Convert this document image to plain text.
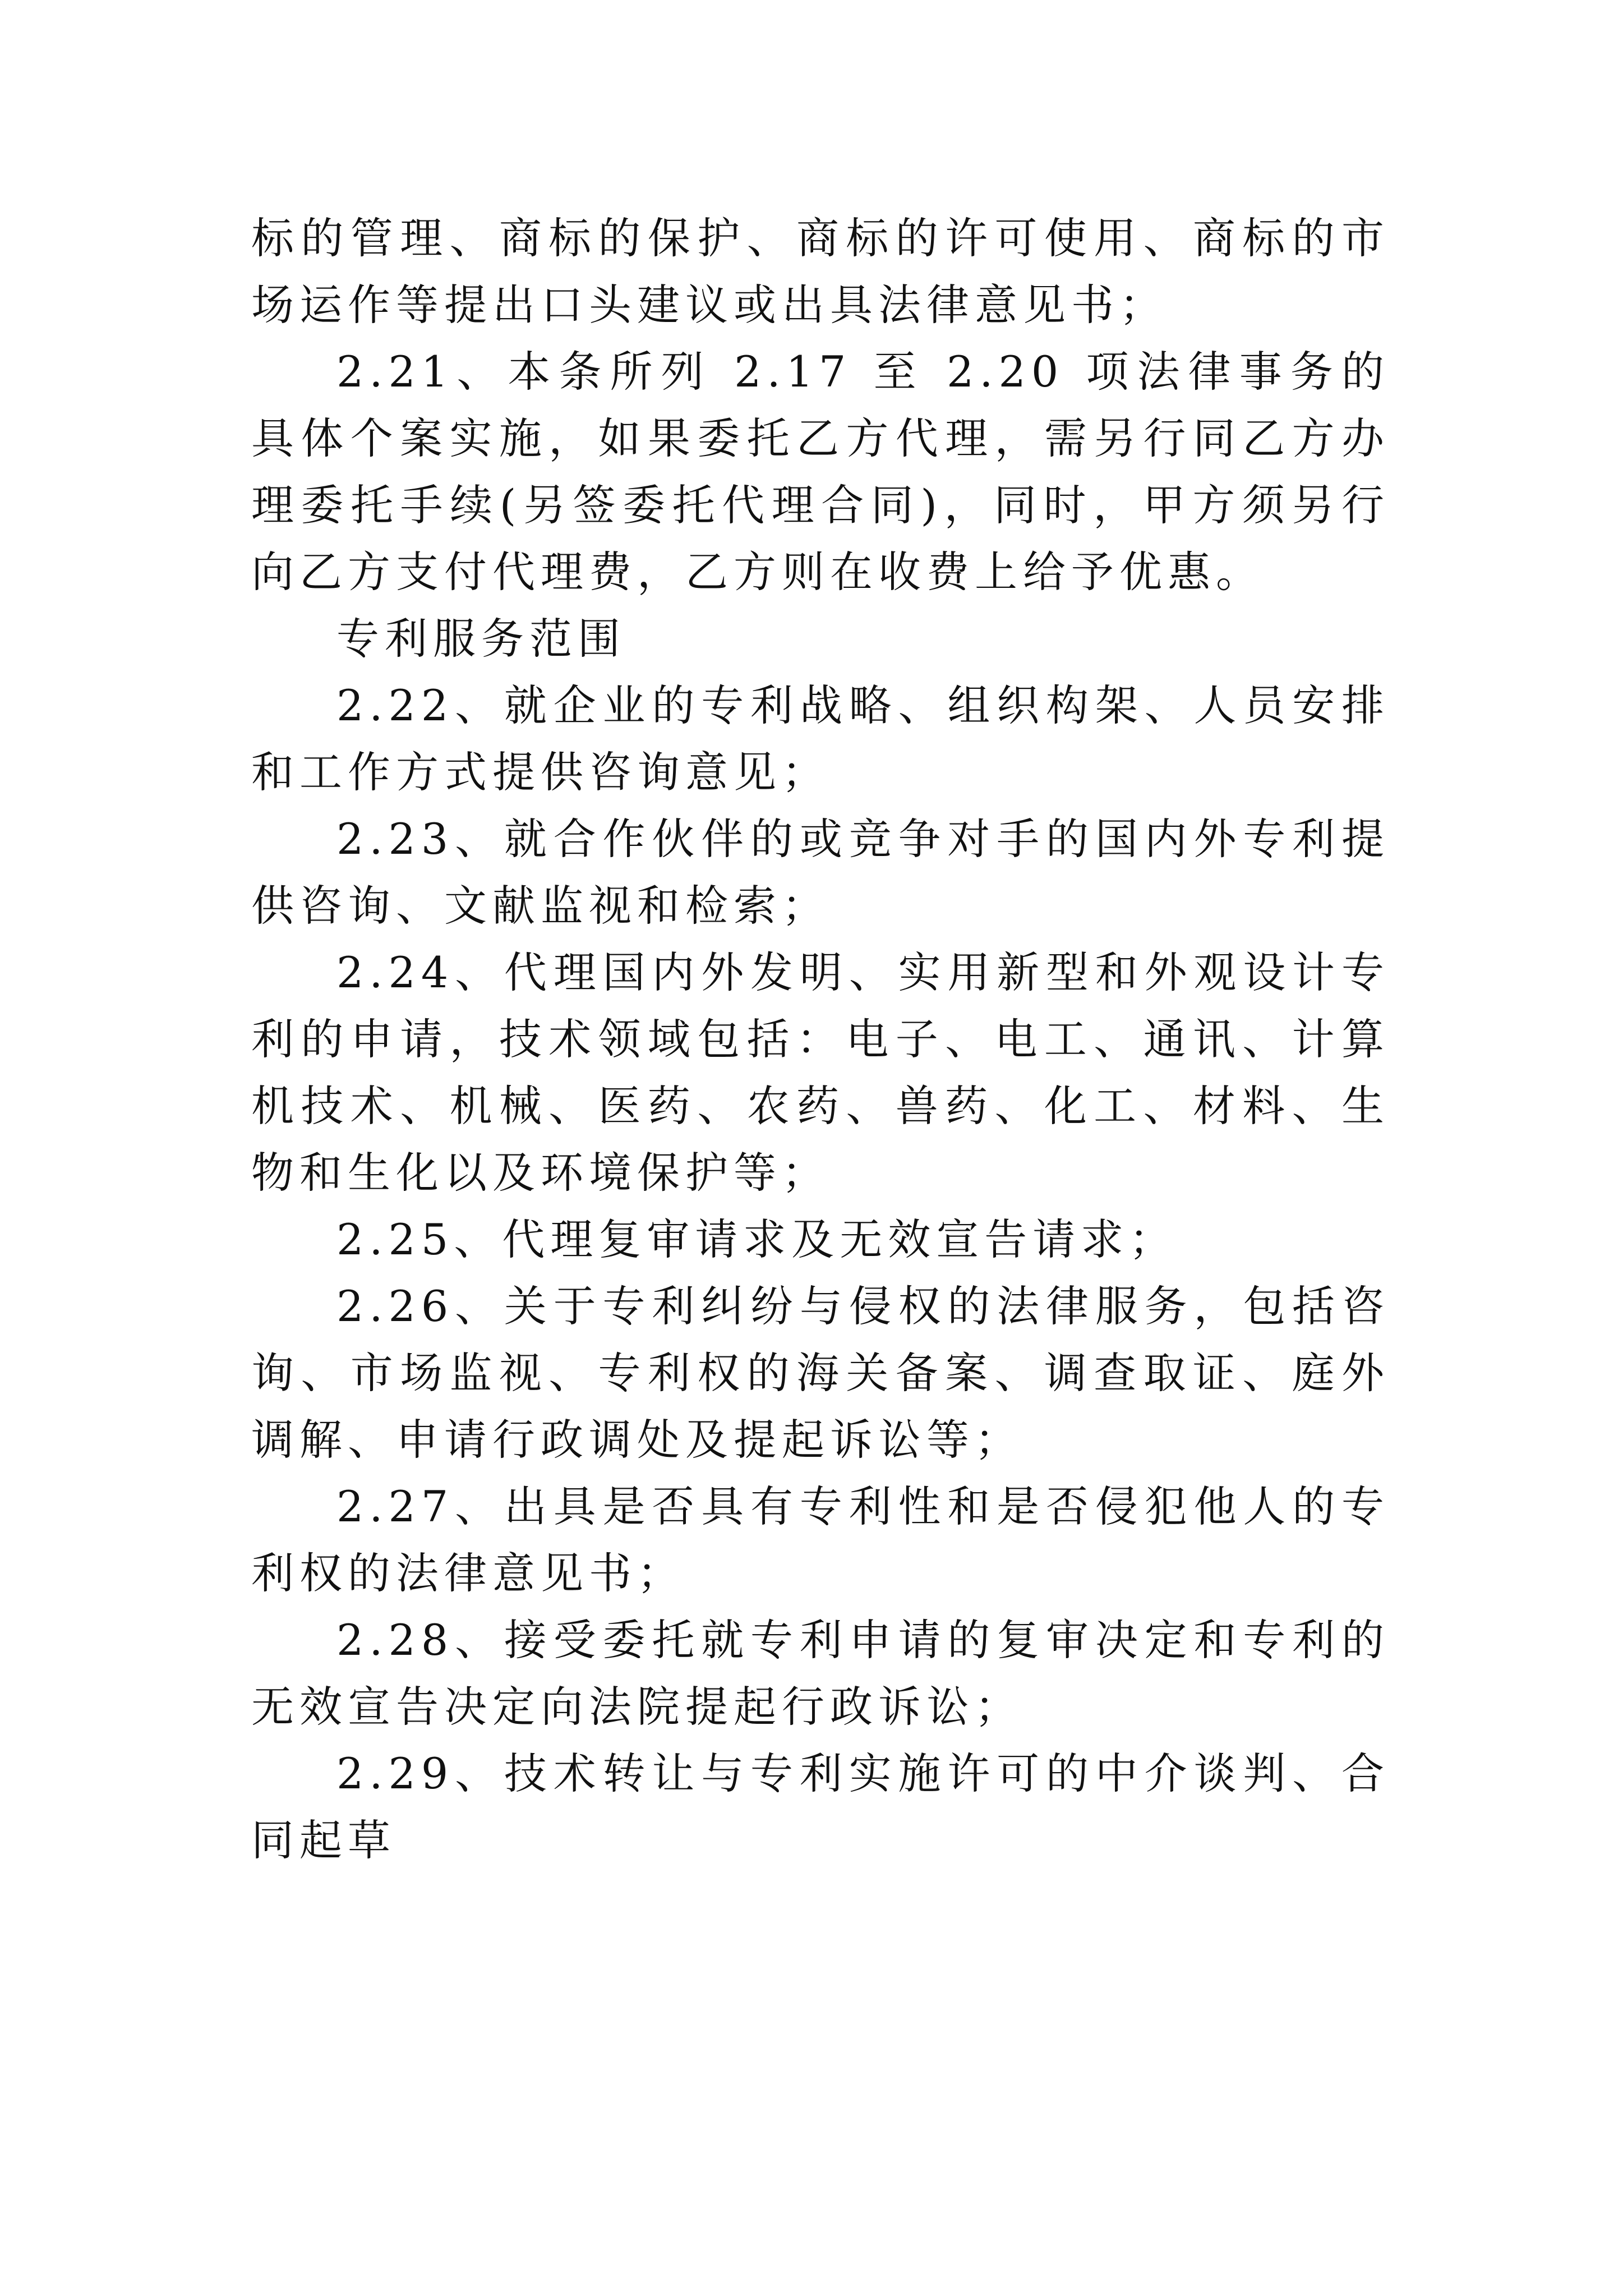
标的管理、商标的保护、商标的许可使用、商标的市场运作等提出口头建议或出具法律意见书；

2.21、本条所列 2.17 至 2.20 项法律事务的具体个案实施，如果委托乙方代理，需另行同乙方办理委托手续(另签委托代理合同)，同时，甲方须另行向乙方支付代理费，乙方则在收费上给予优惠。

专利服务范围

2.22、就企业的专利战略、组织构架、人员安排和工作方式提供咨询意见；

2.23、就合作伙伴的或竞争对手的国内外专利提供咨询、文献监视和检索；

2.24、代理国内外发明、实用新型和外观设计专利的申请，技术领域包括：电子、电工、通讯、计算机技术、机械、医药、农药、兽药、化工、材料、生物和生化以及环境保护等；

2.25、代理复审请求及无效宣告请求；

2.26、关于专利纠纷与侵权的法律服务，包括咨询、市场监视、专利权的海关备案、调查取证、庭外调解、申请行政调处及提起诉讼等；

2.27、出具是否具有专利性和是否侵犯他人的专利权的法律意见书；

2.28、接受委托就专利申请的复审决定和专利的无效宣告决定向法院提起行政诉讼；

2.29、技术转让与专利实施许可的中介谈判、合同起草
